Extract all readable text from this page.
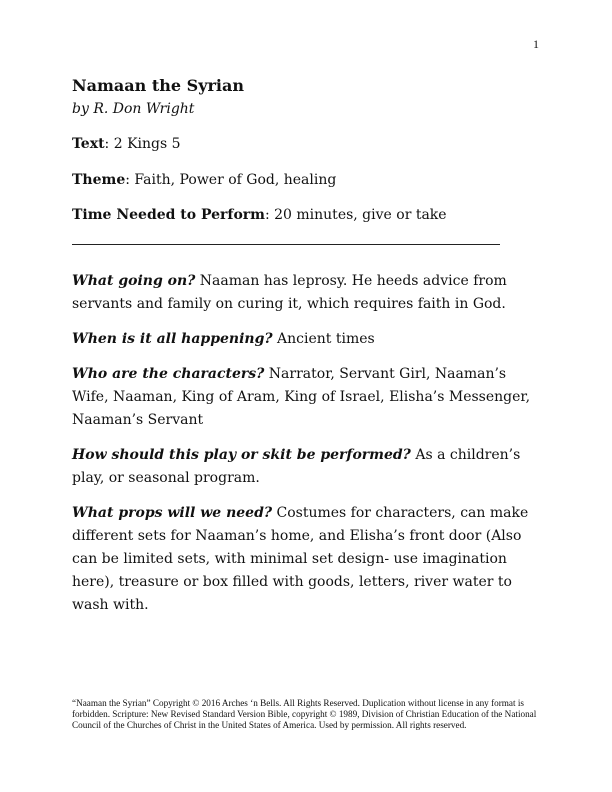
1

Namaan the Syrian

by R. Don Wright

Text: 2 Kings 5

Theme: Faith, Power of God, healing

Time Needed to Perform: 20 minutes, give or take

What going on? Naaman has leprosy. He heeds advice from servants and family on curing it, which requires faith in God.

When is it all happening? Ancient times

Who are the characters? Narrator, Servant Girl, Naaman’s Wife, Naaman, King of Aram, King of Israel, Elisha’s Messenger, Naaman’s Servant

How should this play or skit be performed? As a children’s play, or seasonal program.

What props will we need? Costumes for characters, can make different sets for Naaman’s home, and Elisha’s front door (Also can be limited sets, with minimal set design- use imagination here), treasure or box filled with goods, letters, river water to wash with.

“Naaman the Syrian” Copyright © 2016 Arches ‘n Bells. All Rights Reserved. Duplication without license in any format is forbidden. Scripture: New Revised Standard Version Bible, copyright © 1989, Division of Christian Education of the National Council of the Churches of Christ in the United States of America. Used by permission. All rights reserved.
